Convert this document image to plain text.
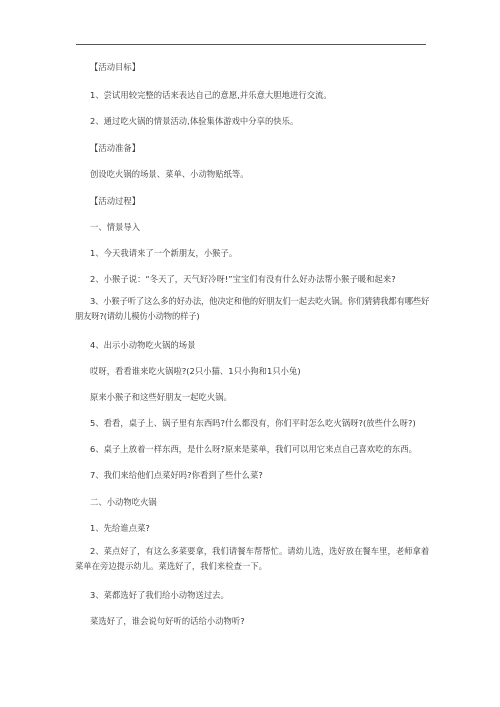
【活动目标】
1、尝试用较完整的话来表达自己的意愿,并乐意大胆地进行交流。
2、通过吃火锅的情景活动,体验集体游戏中分享的快乐。
【活动准备】
创设吃火锅的场景、菜单、小动物贴纸等。
【活动过程】
一、情景导入
1、今天我请来了一个新朋友，小猴子。
2、小猴子说：“冬天了，天气好冷呀!”宝宝们有没有什么好办法帮小猴子暖和起来?
3、小猴子听了这么多的好办法，他决定和他的好朋友们一起去吃火锅。你们猜猜我都有哪些好朋友呀?(请幼儿模仿小动物的样子)
4、出示小动物吃火锅的场景
哎呀，看看谁来吃火锅啦?(2只小猫、1只小狗和1只小兔)
原来小猴子和这些好朋友一起吃火锅。
5、看看，桌子上、锅子里有东西吗?什么都没有，你们平时怎么吃火锅呀?(放些什么呀?)
6、桌子上放着一样东西，是什么呀?原来是菜单，我们可以用它来点自己喜欢吃的东西。
7、我们来给他们点菜好吗?你看到了些什么菜?
二、小动物吃火锅
1、先给谁点菜?
2、菜点好了，有这么多菜要拿，我们请餐车帮帮忙。请幼儿选，选好放在餐车里，老师拿着菜单在旁边提示幼儿。菜选好了，我们来检查一下。
3、菜都选好了我们给小动物送过去。
菜选好了，谁会说句好听的话给小动物听?
